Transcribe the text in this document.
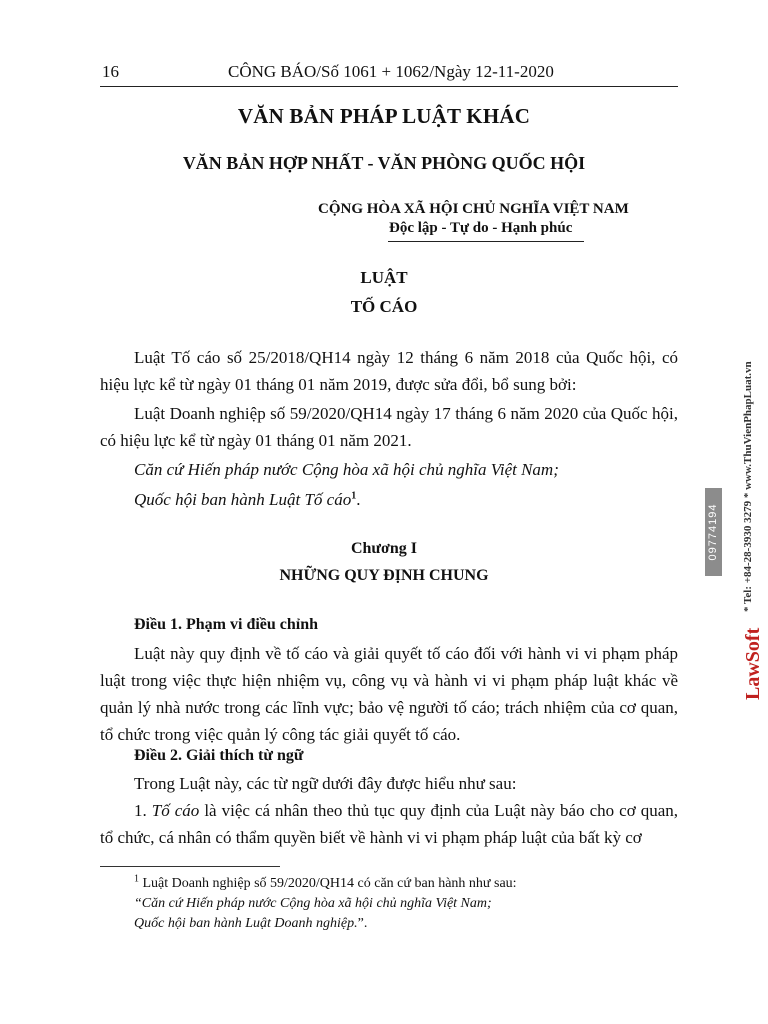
16	CÔNG BÁO/Số 1061 + 1062/Ngày 12-11-2020
VĂN BẢN PHÁP LUẬT KHÁC
VĂN BẢN HỢP NHẤT - VĂN PHÒNG QUỐC HỘI
CỘNG HÒA XÃ HỘI CHỦ NGHĨA VIỆT NAM
Độc lập - Tự do - Hạnh phúc
LUẬT
TỐ CÁO

Luật Tố cáo số 25/2018/QH14 ngày 12 tháng 6 năm 2018 của Quốc hội, có hiệu lực kể từ ngày 01 tháng 01 năm 2019, được sửa đổi, bổ sung bởi:

Luật Doanh nghiệp số 59/2020/QH14 ngày 17 tháng 6 năm 2020 của Quốc hội, có hiệu lực kể từ ngày 01 tháng 01 năm 2021.

Căn cứ Hiến pháp nước Cộng hòa xã hội chủ nghĩa Việt Nam;

Quốc hội ban hành Luật Tố cáo$^1$.

Chương I
NHỮNG QUY ĐỊNH CHUNG
Điều 1. Phạm vi điều chỉnh

Luật này quy định về tố cáo và giải quyết tố cáo đối với hành vi vi phạm pháp luật trong việc thực hiện nhiệm vụ, công vụ và hành vi vi phạm pháp luật khác về quản lý nhà nước trong các lĩnh vực; bảo vệ người tố cáo; trách nhiệm của cơ quan, tổ chức trong việc quản lý công tác giải quyết tố cáo.

Điều 2. Giải thích từ ngữ

Trong Luật này, các từ ngữ dưới đây được hiểu như sau:

1. Tố cáo là việc cá nhân theo thủ tục quy định của Luật này báo cho cơ quan, tổ chức, cá nhân có thẩm quyền biết về hành vi vi phạm pháp luật của bất kỳ cơ

$^1$ Luật Doanh nghiệp số 59/2020/QH14 có căn cứ ban hành như sau:
“Căn cứ Hiến pháp nước Cộng hòa xã hội chủ nghĩa Việt Nam;
Quốc hội ban hành Luật Doanh nghiệp.”.
09774194
LawSoft
* Tel: +84-28-3930 3279 * www.ThuVienPhapLuat.vn
